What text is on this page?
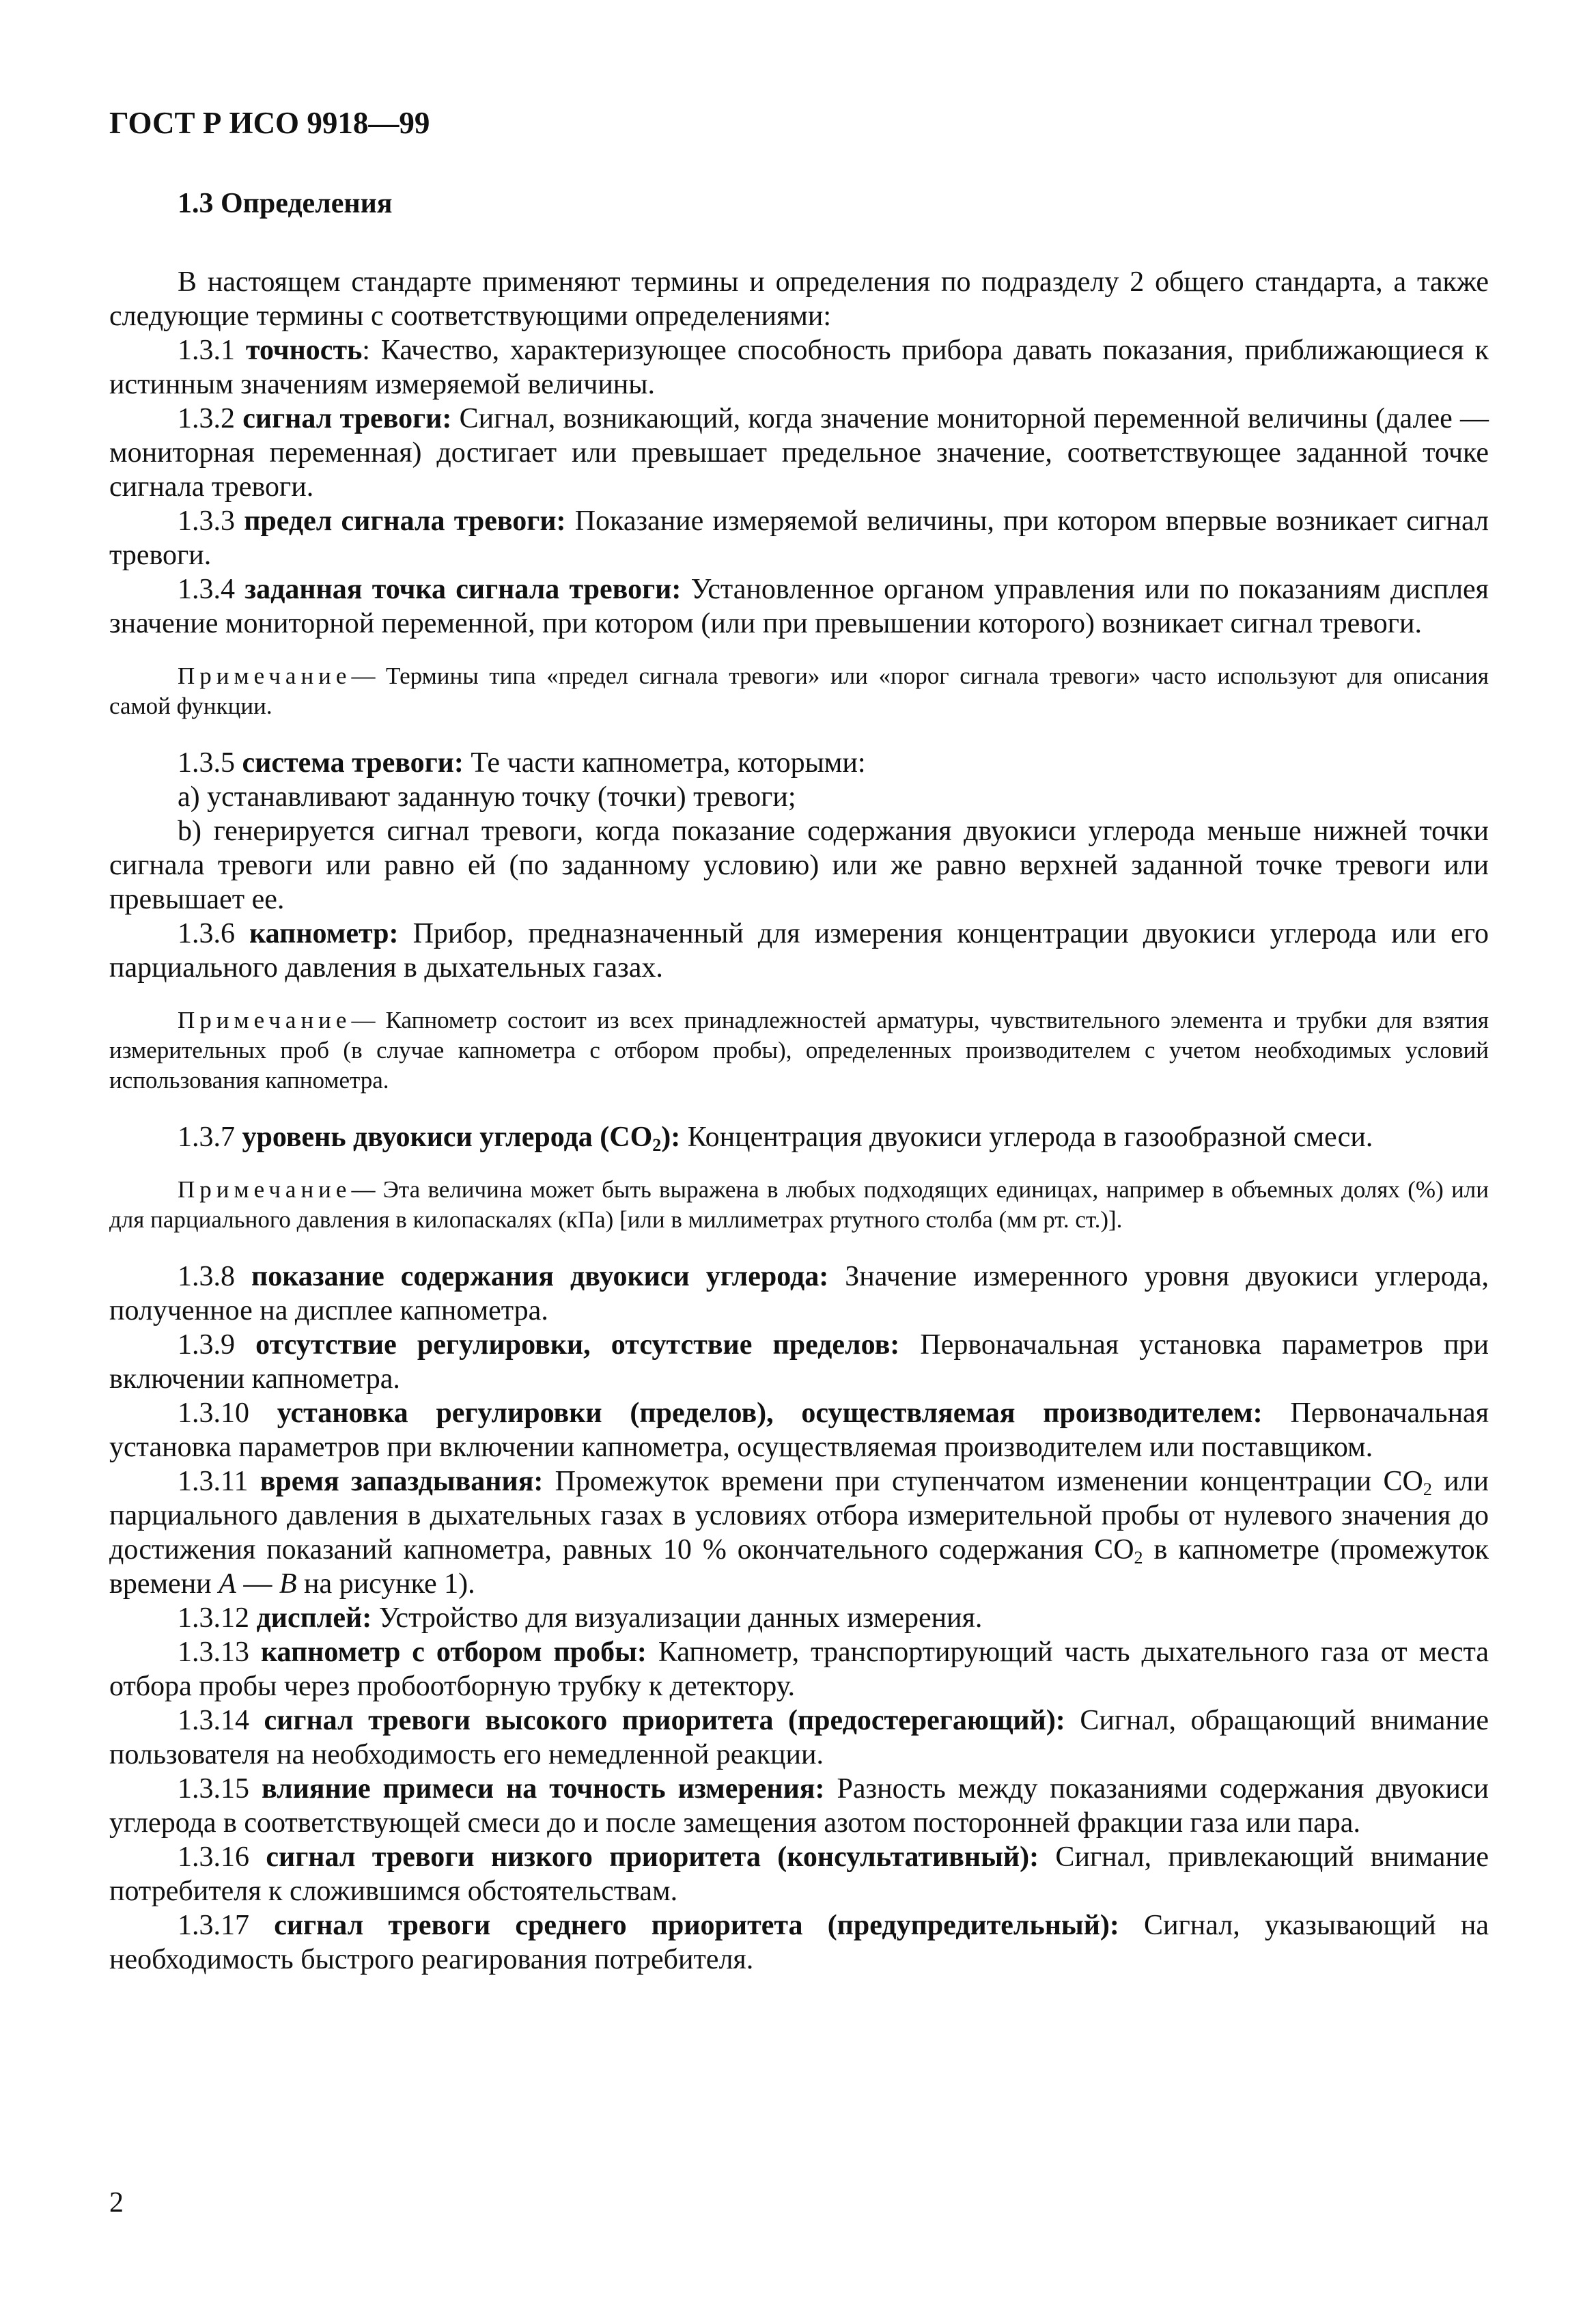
ГОСТ Р ИСО 9918—99
1.3 Определения

В настоящем стандарте применяют термины и определения по подразделу 2 общего стандарта, а также следующие термины с соответствующими определениями:

1.3.1 точность: Качество, характеризующее способность прибора давать показания, приближающиеся к истинным значениям измеряемой величины.

1.3.2 сигнал тревоги: Сигнал, возникающий, когда значение мониторной переменной величины (далее — мониторная переменная) достигает или превышает предельное значение, соответствующее заданной точке сигнала тревоги.

1.3.3 предел сигнала тревоги: Показание измеряемой величины, при котором впервые возникает сигнал тревоги.

1.3.4 заданная точка сигнала тревоги: Установленное органом управления или по показаниям дисплея значение мониторной переменной, при котором (или при превышении которого) возникает сигнал тревоги.

Примечание— Термины типа «предел сигнала тревоги» или «порог сигнала тревоги» часто используют для описания самой функции.

1.3.5 система тревоги: Те части капнометра, которыми:

а) устанавливают заданную точку (точки) тревоги;

b) генерируется сигнал тревоги, когда показание содержания двуокиси углерода меньше нижней точки сигнала тревоги или равно ей (по заданному условию) или же равно верхней заданной точке тревоги или превышает ее.

1.3.6 капнометр: Прибор, предназначенный для измерения концентрации двуокиси углерода или его парциального давления в дыхательных газах.

Примечание— Капнометр состоит из всех принадлежностей арматуры, чувствительного элемента и трубки для взятия измерительных проб (в случае капнометра с отбором пробы), определенных производителем с учетом необходимых условий использования капнометра.

1.3.7 уровень двуокиси углерода $(СО_2)$: Концентрация двуокиси углерода в газообразной смеси.

Примечание— Эта величина может быть выражена в любых подходящих единицах, например в объемных долях (%) или для парциального давления в килопаскалях (кПа) [или в миллиметрах ртутного столба (мм рт. ст.)].

1.3.8 показание содержания двуокиси углерода: Значение измеренного уровня двуокиси углерода, полученное на дисплее капнометра.

1.3.9 отсутствие регулировки, отсутствие пределов: Первоначальная установка параметров при включении капнометра.

1.3.10 установка регулировки (пределов), осуществляемая производителем: Первоначальная установка параметров при включении капнометра, осуществляемая производителем или поставщиком.

1.3.11 время запаздывания: Промежуток времени при ступенчатом изменении концентрации $СО_2$ или парциального давления в дыхательных газах в условиях отбора измерительной пробы от нулевого значения до достижения показаний капнометра, равных 10 % окончательного содержания $СО_2$ в капнометре (промежуток времени А — В на рисунке 1).

1.3.12 дисплей: Устройство для визуализации данных измерения.

1.3.13 капнометр с отбором пробы: Капнометр, транспортирующий часть дыхательного газа от места отбора пробы через пробоотборную трубку к детектору.

1.3.14 сигнал тревоги высокого приоритета (предостерегающий): Сигнал, обращающий внимание пользователя на необходимость его немедленной реакции.

1.3.15 влияние примеси на точность измерения: Разность между показаниями содержания двуокиси углерода в соответствующей смеси до и после замещения азотом посторонней фракции газа или пара.

1.3.16 сигнал тревоги низкого приоритета (консультативный): Сигнал, привлекающий внимание потребителя к сложившимся обстоятельствам.

1.3.17 сигнал тревоги среднего приоритета (предупредительный): Сигнал, указывающий на необходимость быстрого реагирования потребителя.

2
